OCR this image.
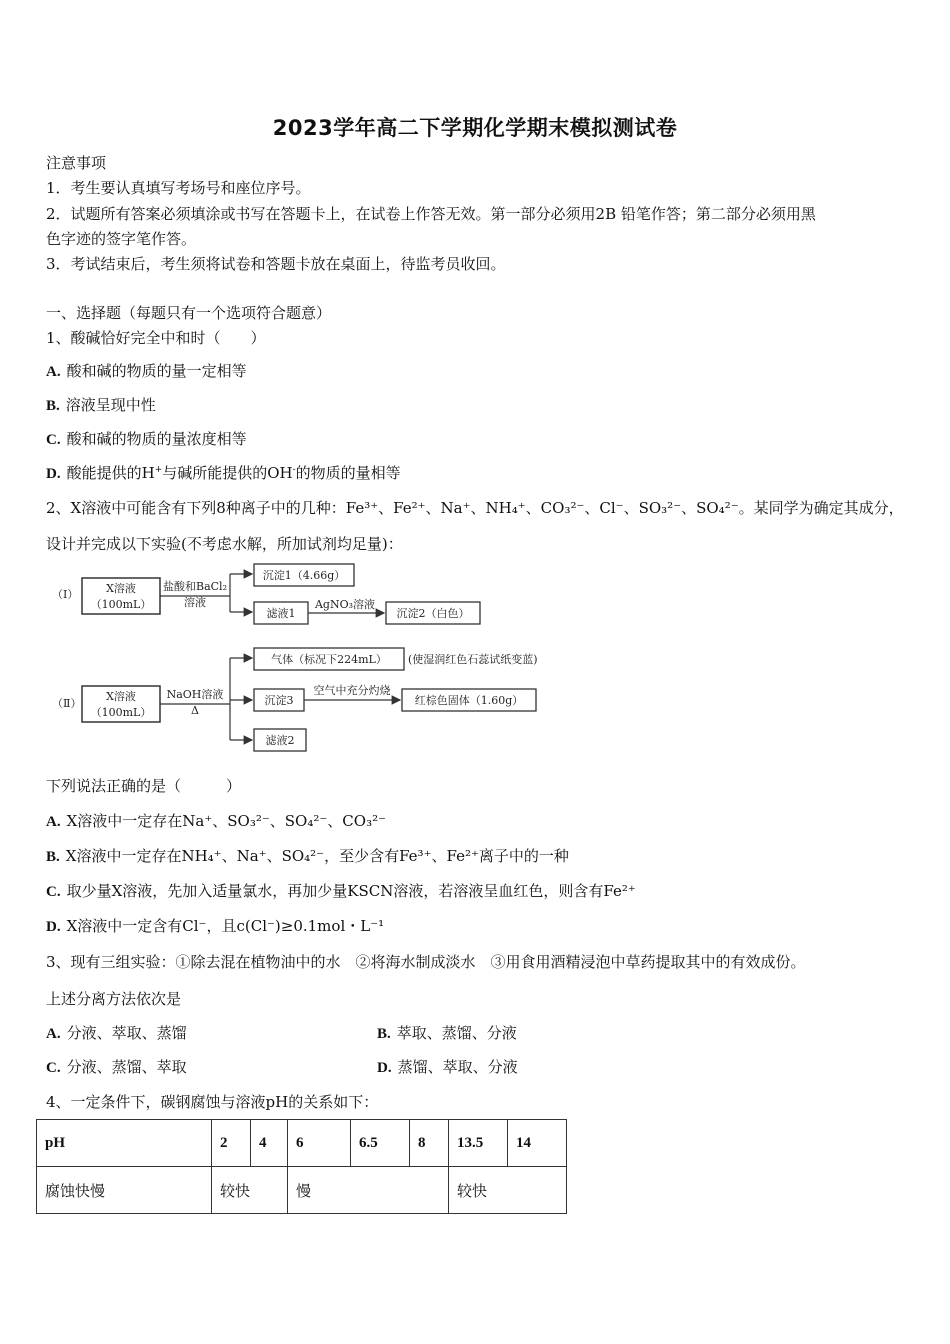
2023学年高二下学期化学期末模拟测试卷
注意事项
1．考生要认真填写考场号和座位序号。
2．试题所有答案必须填涂或书写在答题卡上，在试卷上作答无效。第一部分必须用2B 铅笔作答；第二部分必须用黑
色字迹的签字笔作答。
3．考试结束后，考生须将试卷和答题卡放在桌面上，待监考员收回。
一、选择题（每题只有一个选项符合题意）
1、酸碱恰好完全中和时（　　）
A. 酸和碱的物质的量一定相等
B. 溶液呈现中性
C. 酸和碱的物质的量浓度相等
D. 酸能提供的H+与碱所能提供的OH-的物质的量相等
2、X溶液中可能含有下列8种离子中的几种：Fe³⁺、Fe²⁺、Na⁺、NH₄⁺、CO₃²⁻、Cl⁻、SO₃²⁻、SO₄²⁻。某同学为确定其成分，
设计并完成以下实验(不考虑水解，所加试剂均足量)：
（Ⅰ）	X溶液
（100mL）
盐酸和BaCl₂
溶液
沉淀1（4.66g）
滤液1
AgNO₃溶液
沉淀2（白色）
（Ⅱ）
X溶液
（100mL）
NaOH溶液
Δ
气体（标况下224mL） (使湿润红色石蕊试纸变蓝)
沉淀3
空气中充分灼烧
红棕色固体（1.60g）
滤液2
下列说法正确的是（　　　）
A. X溶液中一定存在Na⁺、SO₃²⁻、SO₄²⁻、CO₃²⁻
B. X溶液中一定存在NH₄⁺、Na⁺、SO₄²⁻，至少含有Fe³⁺、Fe²⁺离子中的一种
C. 取少量X溶液，先加入适量氯水，再加少量KSCN溶液，若溶液呈血红色，则含有Fe²⁺
D. X溶液中一定含有Cl⁻，且c(Cl⁻)≥0.1mol・L⁻¹
3、现有三组实验：①除去混在植物油中的水　②将海水制成淡水　③用食用酒精浸泡中草药提取其中的有效成份。
上述分离方法依次是
A. 分液、萃取、蒸馏	B. 萃取、蒸馏、分液
C. 分液、蒸馏、萃取	D. 蒸馏、萃取、分液
4、一定条件下，碳钢腐蚀与溶液pH的关系如下：
pH	2	4	6	6.5	8	13.5	14
腐蚀快慢	较快		慢			较快	
